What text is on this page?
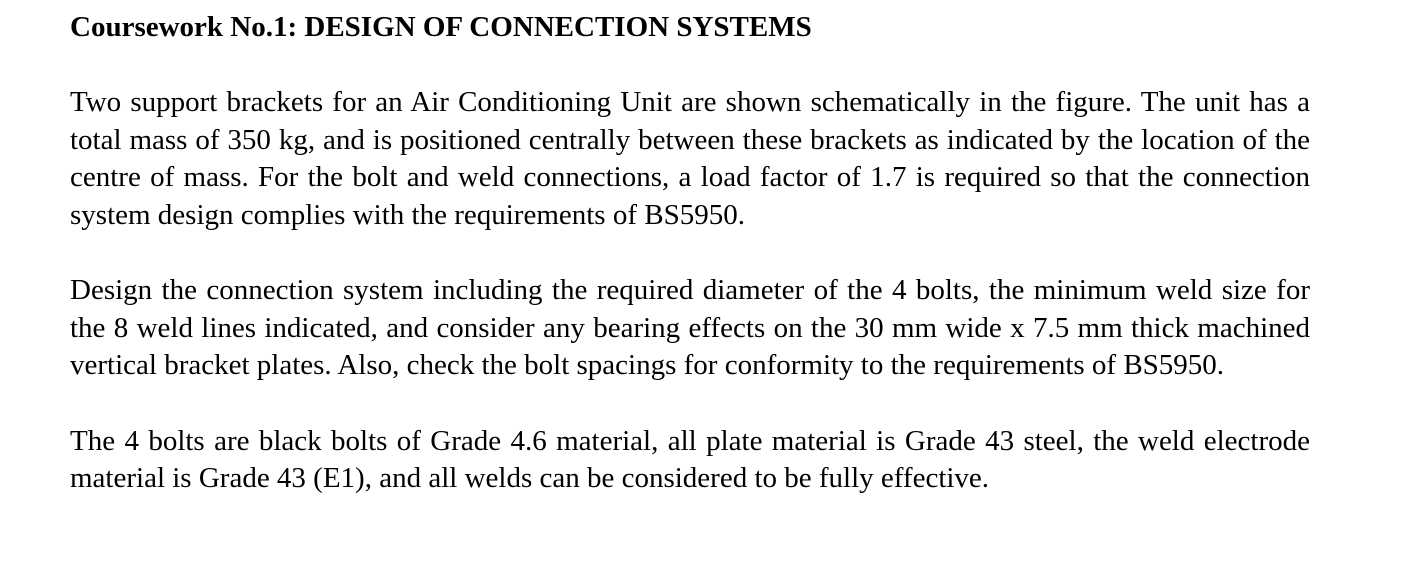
Coursework No.1: DESIGN OF CONNECTION SYSTEMS

Two support brackets for an Air Conditioning Unit are shown schematically in the figure. The unit has a total mass of 350 kg, and is positioned centrally between these brackets as indicated by the location of the centre of mass. For the bolt and weld connections, a load factor of 1.7 is required so that the connection system design complies with the requirements of BS5950.

Design the connection system including the required diameter of the 4 bolts, the minimum weld size for the 8 weld lines indicated, and consider any bearing effects on the 30 mm wide x 7.5 mm thick machined vertical bracket plates. Also, check the bolt spacings for conformity to the requirements of BS5950.

The 4 bolts are black bolts of Grade 4.6 material, all plate material is Grade 43 steel, the weld electrode material is Grade 43 (E1), and all welds can be considered to be fully effective.
